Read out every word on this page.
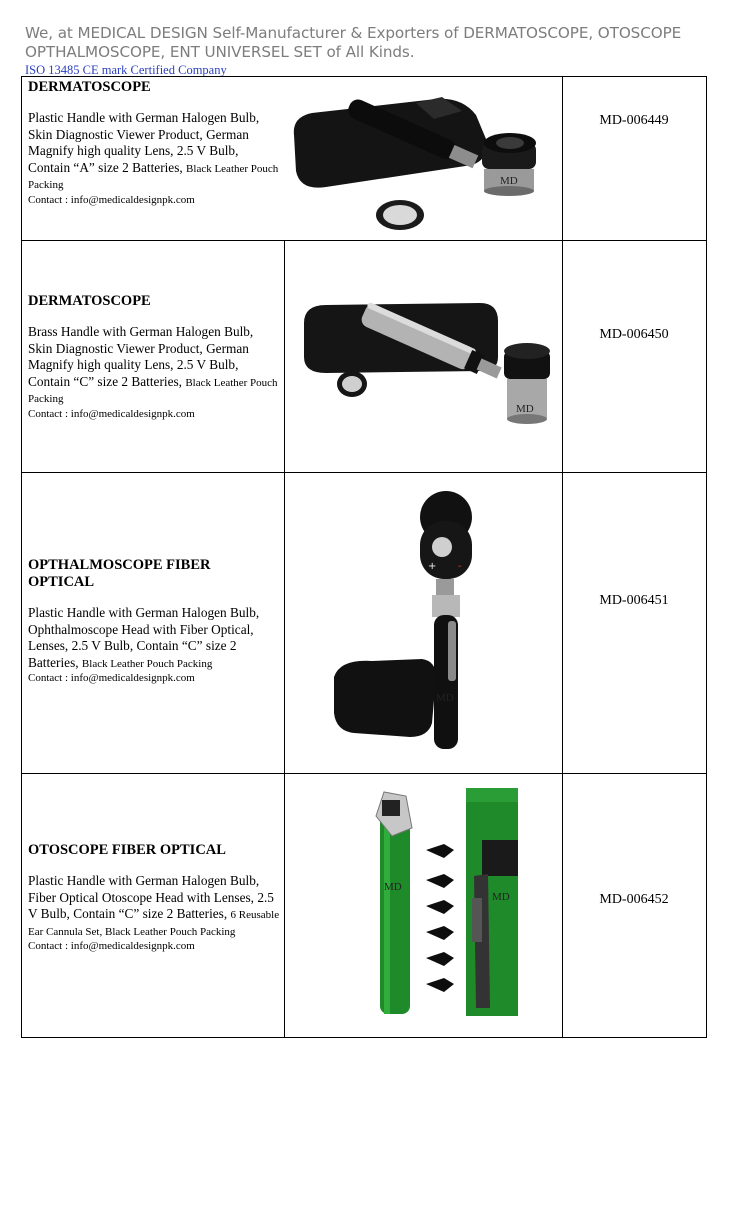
We, at MEDICAL DESIGN Self-Manufacturer & Exporters of DERMATOSCOPE, OTOSCOPE
OPTHALMOSCOPE, ENT UNIVERSEL SET of All Kinds.
ISO 13485 CE mark Certified Company
DERMATOSCOPE
Plastic Handle with German Halogen Bulb, Skin Diagnostic Viewer Product, German Magnify high quality Lens, 2.5 V Bulb, Contain “A” size 2 Batteries, Black Leather Pouch Packing
Contact : info@medicaldesignpk.com
MD
MD-006449
DERMATOSCOPE
Brass Handle with German Halogen Bulb, Skin Diagnostic Viewer Product, German Magnify high quality Lens, 2.5 V Bulb, Contain “C” size 2 Batteries, Black Leather Pouch Packing
Contact : info@medicaldesignpk.com	MD
MD-006450
OPTHALMOSCOPE FIBER OPTICAL
Plastic Handle with German Halogen Bulb, Ophthalmoscope Head with Fiber Optical, Lenses, 2.5 V Bulb, Contain “C” size 2 Batteries, Black Leather Pouch Packing
Contact : info@medicaldesignpk.com
+ -
MD
MD-006451
OTOSCOPE FIBER OPTICAL
Plastic Handle with German Halogen Bulb, Fiber Optical Otoscope Head with Lenses, 2.5 V Bulb, Contain “C” size 2 Batteries, 6 Reusable Ear Cannula Set, Black Leather Pouch Packing
Contact : info@medicaldesignpk.com
MD
MD	MD-006452
